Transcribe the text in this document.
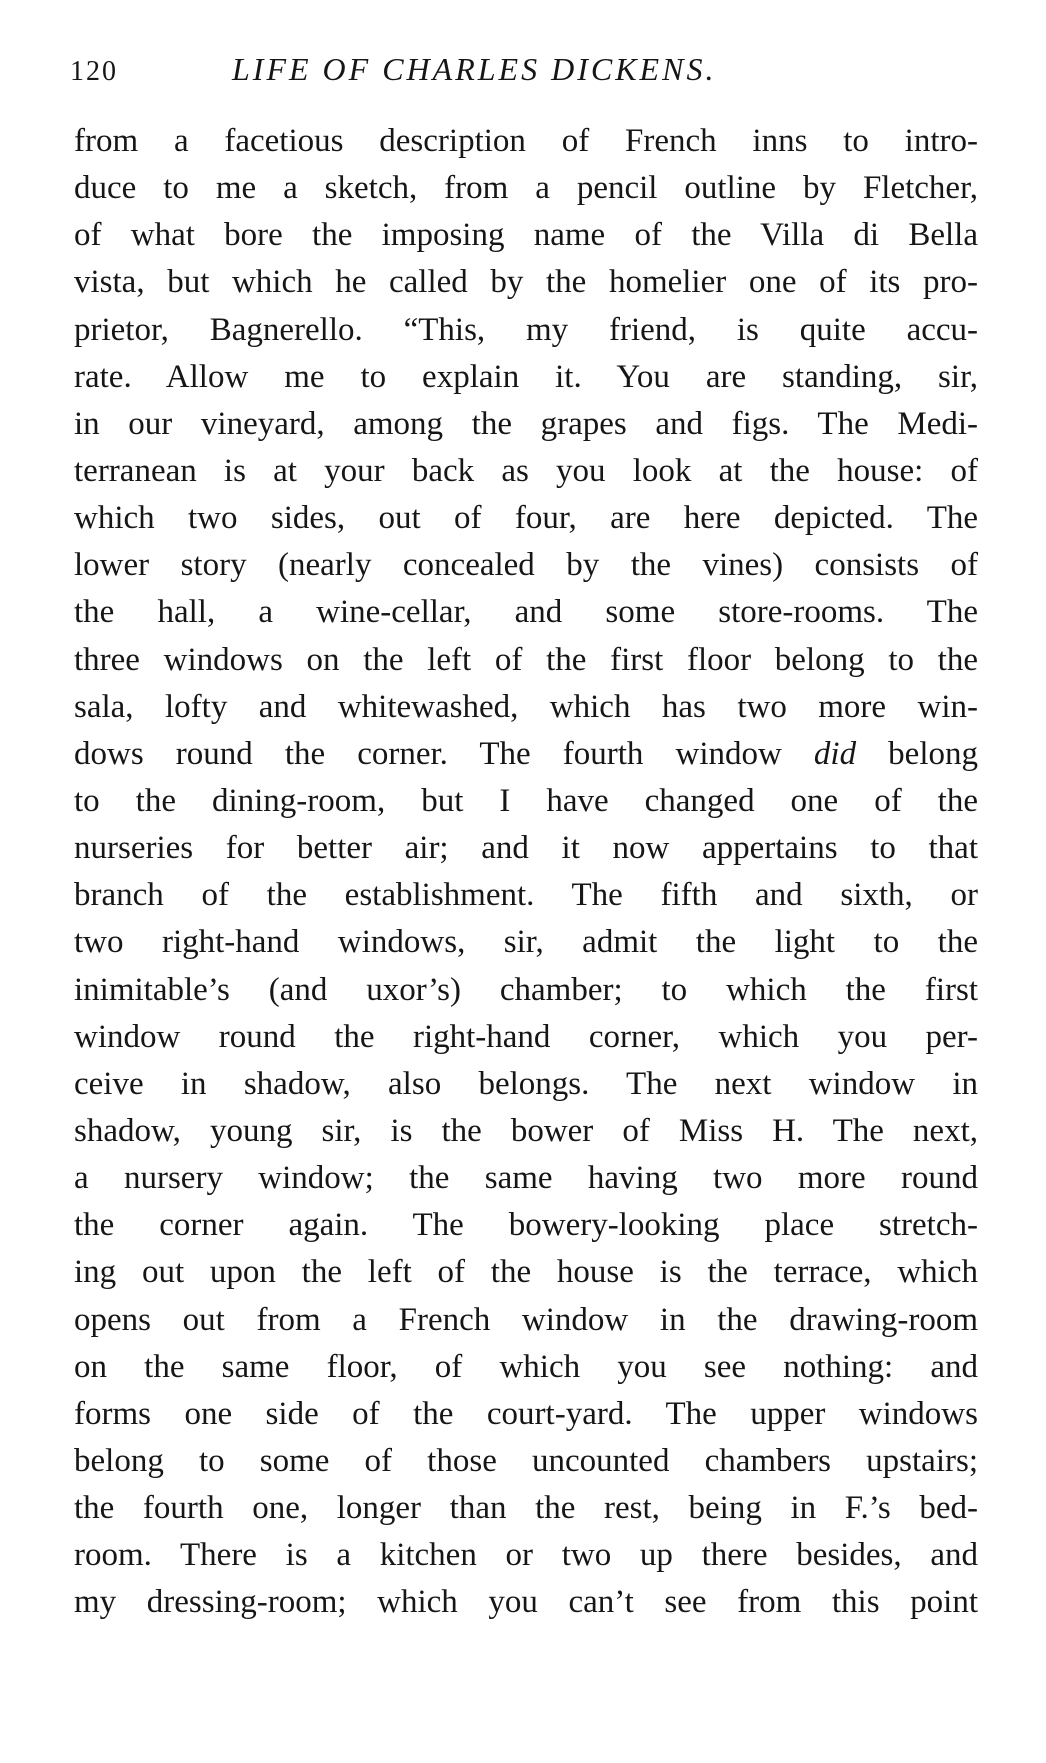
120	LIFE OF CHARLES DICKENS.
from a facetious description of French inns to intro-
duce to me a sketch, from a pencil outline by Fletcher,
of what bore the imposing name of the Villa di Bella
vista, but which he called by the homelier one of its pro-
prietor, Bagnerello. “This, my friend, is quite accu-
rate. Allow me to explain it. You are standing, sir,
in our vineyard, among the grapes and figs. The Medi-
terranean is at your back as you look at the house: of
which two sides, out of four, are here depicted. The
lower story (nearly concealed by the vines) consists of
the hall, a wine-cellar, and some store-rooms. The
three windows on the left of the first floor belong to the
sala, lofty and whitewashed, which has two more win-
dows round the corner. The fourth window did belong
to the dining-room, but I have changed one of the
nurseries for better air; and it now appertains to that
branch of the establishment. The fifth and sixth, or
two right-hand windows, sir, admit the light to the
inimitable’s (and uxor’s) chamber; to which the first
window round the right-hand corner, which you per-
ceive in shadow, also belongs. The next window in
shadow, young sir, is the bower of Miss H. The next,
a nursery window; the same having two more round
the corner again. The bowery-looking place stretch-
ing out upon the left of the house is the terrace, which
opens out from a French window in the drawing-room
on the same floor, of which you see nothing: and
forms one side of the court-yard. The upper windows
belong to some of those uncounted chambers upstairs;
the fourth one, longer than the rest, being in F.’s bed-
room. There is a kitchen or two up there besides, and
my dressing-room; which you can’t see from this point
